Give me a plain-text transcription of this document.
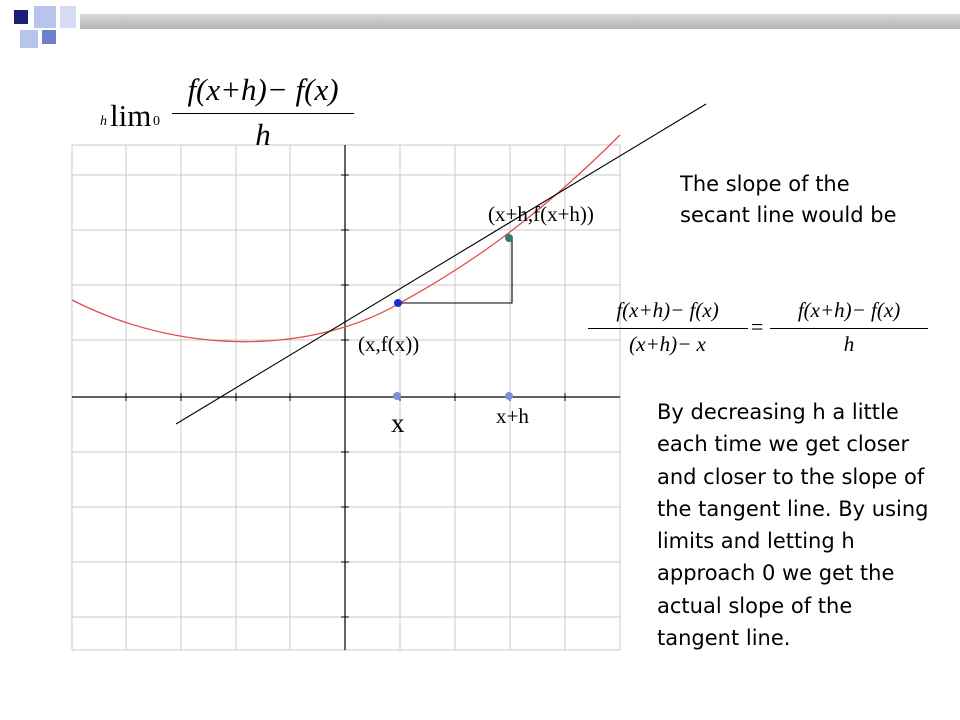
(x+h,f(x+h))
(x,f(x))
x	x+h
h lim 0
f(x+h)− f(x)
h
The slope of the secant line would be
f(x+h)− f(x)
(x+h)− x
=
f(x+h)− f(x)
h
By decreasing h a little each time we get closer and closer to the slope of the tangent line. By using limits and letting h approach 0 we get the actual slope of the tangent line.
